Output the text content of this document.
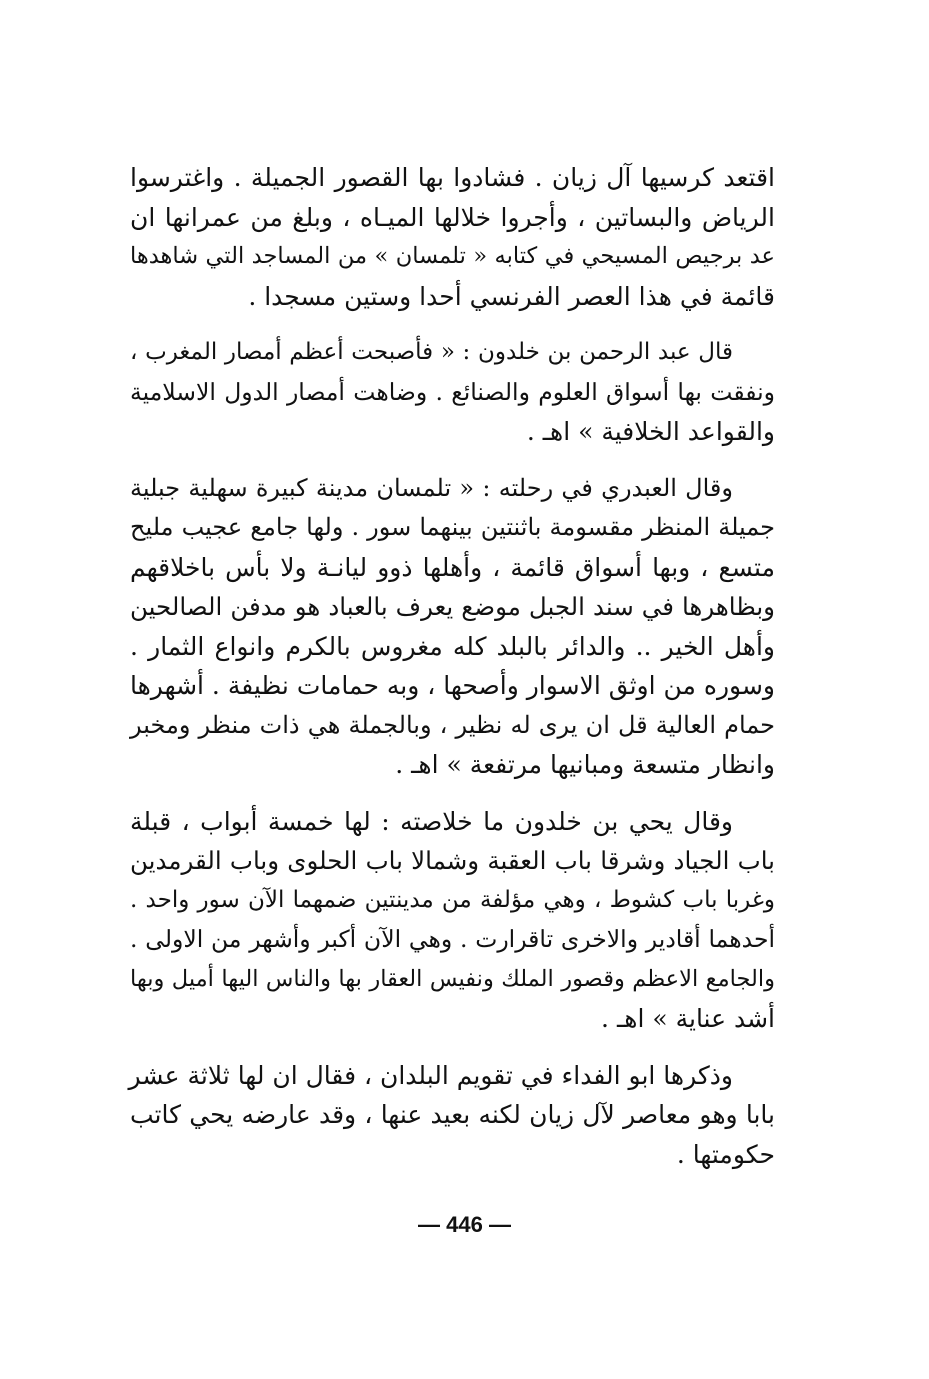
اقتعد كرسيها آل زيان . فشادوا بها القصور الجميلة . واغترسوا
الرياض والبساتين ، وأجروا خلالها الميـاه ، وبلغ من عمرانها ان
عد برجيص المسيحي في كتابه « تلمسان » من المساجد التي شاهدها
قائمة في هذا العصر الفرنسي أحدا وستين مسجدا .
قال عبد الرحمن بن خلدون : « فأصبحت أعظم أمصار المغرب ،
ونفقت بها أسواق العلوم والصنائع . وضاهت أمصار الدول الاسلامية
والقواعد الخلافية » اهـ .
وقال العبدري في رحلته : « تلمسان مدينة كبيرة سهلية جبلية
جميلة المنظر مقسومة باثنتين بينهما سور . ولها جامع عجيب مليح
متسع ، وبها أسواق قائمة ، وأهلها ذوو ليانـة ولا بأس باخلاقهم
وبظاهرها في سند الجبل موضع يعرف بالعباد هو مدفن الصالحين
وأهل الخير .. والدائر بالبلد كله مغروس بالكرم وانواع الثمار .
وسوره من اوثق الاسوار وأصحها ، وبه حمامات نظيفة . أشهرها
حمام العالية قل ان يرى له نظير ، وبالجملة هي ذات منظر ومخبر
وانظار متسعة ومبانيها مرتفعة » اهـ .
وقال يحي بن خلدون ما خلاصته : لها خمسة أبواب ، قبلة
باب الجياد وشرقا باب العقبة وشمالا باب الحلوى وباب القرمدين
وغربا باب كشوط ، وهي مؤلفة من مدينتين ضمهما الآن سور واحد .
أحدهما أقادير والاخرى تاقرارت . وهي الآن أكبر وأشهر من الاولى .
والجامع الاعظم وقصور الملك ونفيس العقار بها والناس اليها أميل وبها
أشد عناية » اهـ .
وذكرها ابو الفداء في تقويم البلدان ، فقال ان لها ثلاثة عشر
بابا وهو معاصر لآل زيان لكنه بعيد عنها ، وقد عارضه يحي كاتب
حكومتها .
— 446 —
